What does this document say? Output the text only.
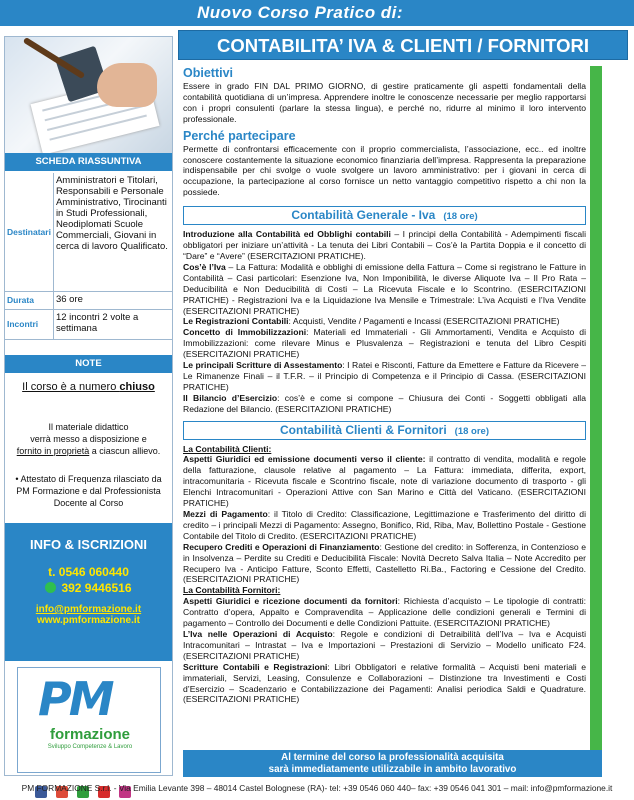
Nuovo Corso Pratico di:
CONTABILITA’ IVA & CLIENTI / FORNITORI
SCHEDA RIASSUNTIVA
Destinatari	Amministratori e Titolari, Responsabili e Personale Amministrativo, Tirocinanti in Studi Professionali, Neodiplomati Scuole Commerciali, Giovani in cerca di lavoro Qualificato.
Durata	36 ore
Incontri	12 incontri 2 volte a settimana
NOTE
Il corso è a numero chiuso
Il materiale didattico
verrà messo a disposizione e
fornito in proprietà a ciascun allievo.
• Attestato di Frequenza rilasciato da PM Formazione e dal Professionista Docente al Corso
INFO & ISCRIZIONI
t. 0546 060440
392 9446516
info@pmformazione.it
www.pmformazione.it
PM
formazione
Sviluppo Competenze & Lavoro
Obiettivi
Essere in grado FIN DAL PRIMO GIORNO, di gestire praticamente gli aspetti fondamentali della contabilità quotidiana di un’impresa. Apprendere inoltre le conoscenze necessarie per meglio rapportarsi con i propri consulenti (parlare la stessa lingua), e perché no, ridurre al minimo il loro intervento professionale.
Perché partecipare
Permette di confrontarsi efficacemente con il proprio commercialista, l’associazione, ecc.. ed inoltre conoscere costantemente la situazione economico finanziaria dell’impresa. Rappresenta la preparazione indispensabile per chi svolge o vuole svolgere un lavoro amministrativo: per i giovani in cerca di occupazione, la partecipazione al corso fornisce un netto vantaggio competitivo rispetto a chi non la possiede.
Contabilità Generale - Iva (18 ore)
Introduzione alla Contabilità ed Obblighi contabili – I principi della Contabilità - Adempimenti fiscali obbligatori per iniziare un’attività - La tenuta dei Libri Contabili – Cos’è la Partita Doppia e il concetto di “Dare” e “Avere” (ESERCITAZIONI PRATICHE).
Cos’è l’Iva – La Fattura: Modalità e obblighi di emissione della Fattura – Come si registrano le Fatture in Contabilità – Casi particolari: Esenzione Iva, Non Imponibilità, le diverse Aliquote Iva – Il Pro Rata – Deducibilità e Non Deducibilità di Costi – La Ricevuta Fiscale e lo Scontrino. (ESERCITAZIONI PRATICHE) - Registrazioni Iva e la Liquidazione Iva Mensile e Trimestrale: L’iva Acquisti e l’Iva Vendite (ESERCITAZIONI PRATICHE)
Le Registrazioni Contabili: Acquisti, Vendite / Pagamenti e Incassi (ESERCITAZIONI PRATICHE)
Concetto di Immobilizzazioni: Materiali ed Immateriali - Gli Ammortamenti, Vendita e Acquisto di Immobilizzazioni: come rilevare Minus e Plusvalenza – Registrazioni e tenuta del Libro Cespiti (ESERCITAZIONI PRATICHE)
Le principali Scritture di Assestamento: I Ratei e Risconti, Fatture da Emettere e Fatture da Ricevere – Le Rimanenze Finali – il T.F.R. – il Principio di Competenza e il Principio di Cassa. (ESERCITAZIONI PRATICHE)
Il Bilancio d’Esercizio: cos’è e come si compone – Chiusura dei Conti - Soggetti obbligati alla Redazione del Bilancio. (ESERCITAZIONI PRATICHE)
Contabilità Clienti & Fornitori (18 ore)
La Contabilità Clienti:
Aspetti Giuridici ed emissione documenti verso il cliente: il contratto di vendita, modalità e regole della fatturazione, clausole relative al pagamento – La Fattura: immediata, differita, export, intracomunitaria - Ricevuta fiscale e Scontrino fiscale, note di variazione documento di trasporto - gli Elenchi Intracomunitari - Operazioni Attive con San Marino e Città del Vaticano. (ESERCITAZIONI PRATICHE)
Mezzi di Pagamento: il Titolo di Credito: Classificazione, Legittimazione e Trasferimento del diritto di credito – i principali Mezzi di Pagamento: Assegno, Bonifico, Rid, Riba, Mav, Bollettino Postale - Gestione Contabile del Titolo di Credito. (ESERCITAZIONI PRATICHE)
Recupero Crediti e Operazioni di Finanziamento: Gestione del credito: in Sofferenza, in Contenzioso e in Insolvenza – Perdite su Crediti e Deducibilità Fiscale: Novità Decreto Salva Italia – Note Accredito per Recupero Iva - Anticipo Fatture, Sconto Effetti, Castelletto Ri.Ba., Factoring e Cessione del Credito. (ESERCITAZIONI PRATICHE)
La Contabilità Fornitori:
Aspetti Giuridici e ricezione documenti da fornitori: Richiesta d’acquisto – Le tipologie di contratti: Contratto d’opera, Appalto e Compravendita – Applicazione delle condizioni generali e Termini di pagamento – Controllo dei Documenti e delle Condizioni Pattuite. (ESERCITAZIONI PRATICHE)
L’Iva nelle Operazioni di Acquisto: Regole e condizioni di Detraibilità dell’Iva – Iva e Acquisti Intracomunitari – Intrastat – Iva e Importazioni – Prestazioni di Servizio – Modello unificato F24. (ESERCITAZIONI PRATICHE)
Scritture Contabili e Registrazioni: Libri Obbligatori e relative formalità – Acquisti beni materiali e immateriali, Servizi, Leasing, Consulenze e Collaborazioni – Distinzione tra Investimenti e Costi d’Esercizio – Scadenzario e Contabilizzazione dei Pagamenti: Analisi periodica Saldi e Quadrature. (ESERCITAZIONI PRATICHE)
Al termine del corso la professionalità acquisita
sarà immediatamente utilizzabile in ambito lavorativo
PM FORMAZIONE S.r.l. - Via Emilia Levante 398 – 48014 Castel Bolognese (RA)- tel: +39 0546 060 440– fax: +39 0546 041 301 – mail: info@pmformazione.it
